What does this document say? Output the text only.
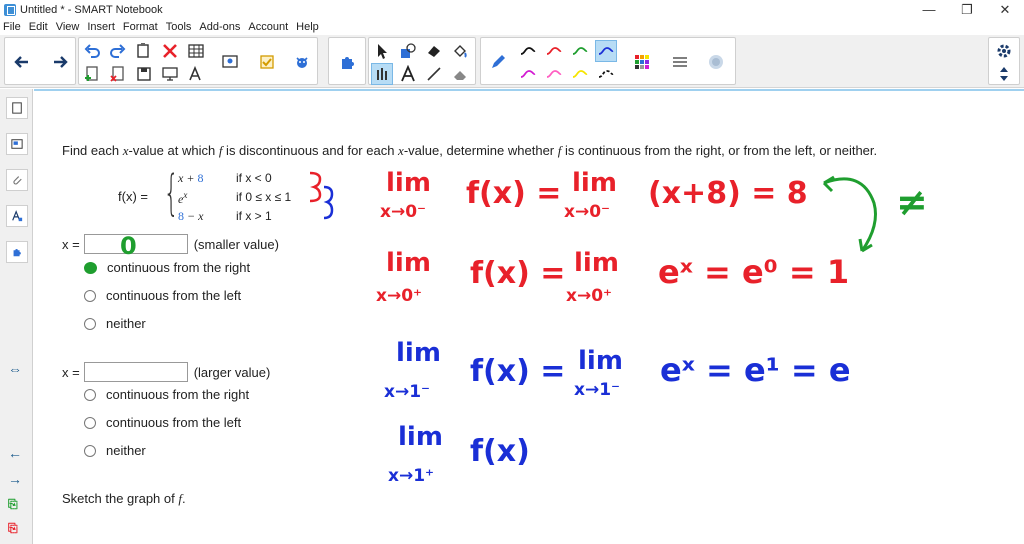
Untitled * - SMART Notebook	—	❐	✕
File Edit View Insert Format Tools Add-ons Account Help
⇔
←
→
⎘
⎘
Find each x-value at which f is discontinuous and for each x-value, determine whether f is continuous from the right, or from the left, or neither.
f(x) = { x + 8	if x < 0
$e^x$	if 0 ≤ x ≤ 1
8 − x	if x > 1
x =	(smaller value)
continuous from the right
continuous from the left
neither
x =	(larger value)
continuous from the right
continuous from the left
neither
Sketch the graph of f.
0
lim
x→0⁻
f(x) = lim
x→0⁻
(x+8) = 8 ≠
lim
x→0⁺
f(x) = lim
x→0⁺
eˣ = e⁰ = 1
lim
x→1⁻
f(x) = lim
x→1⁻
eˣ = e¹ = e
lim
x→1⁺
f(x)
